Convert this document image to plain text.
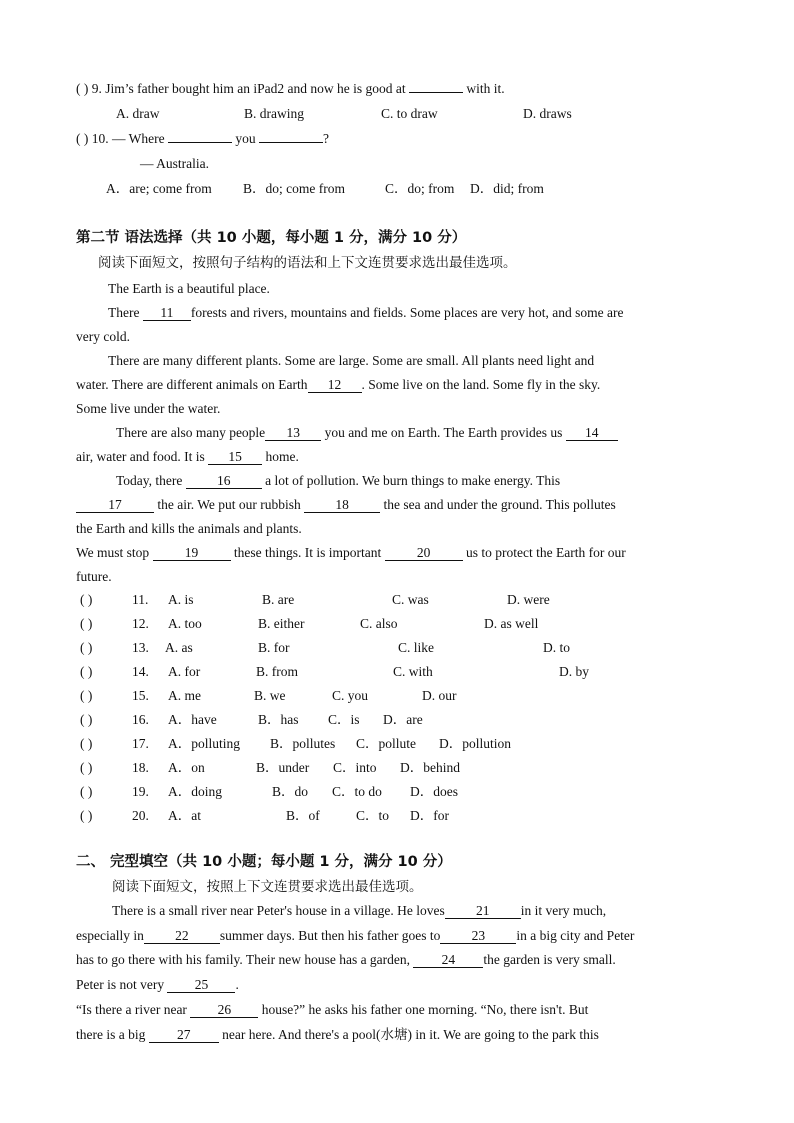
( ) 9. Jim’s father bought him an iPad2 and now he is good at	with it.
A. draw	B. drawing	C. to draw	D. draws
( ) 10. — Where	you	?
— Australia.
A．are; come from B．do; come from	C．do; from D．did; from
第二节 语法选择（共 10 小题，每小题 1 分，满分 10 分）
阅读下面短文，按照句子结构的语法和上下文连贯要求选出最佳选项。
The Earth is a beautiful place.
There 11 forests and rivers, mountains and fields. Some places are very hot, and some are
very cold.
There are many different plants. Some are large. Some are small. All plants need light and
water. There are different animals on Earth 12 . Some live on the land. Some fly in the sky.
Some live under the water.
There are also many people 13 you and me on Earth. The Earth provides us 14
air, water and food. It is 15 home.
Today, there	16	a lot of pollution. We burn things to make energy. This
17	the air. We put our rubbish	18	the sea and under the ground. This pollutes
the Earth and kills the animals and plants.
We must stop	19	these things. It is important	20	us to protect the Earth for our
future.
( )	11. A. is	B. are	C. was	D. were
( )	12. A. too	B. either	C. also	D. as well
( )	13. A. as	B. for	C. like	D. to
( )	14. A. for	B. from	C. with	D. by
( )	15. A. me	B. we	C. you	D. our
( )	16. A．have	B．has C．is D．are
( )	17. A．polluting B．pollutes C．pollute D．pollution
( )	18. A．on	B．under C．into D．behind
( )	19. A．doing	B．do C．to do D．does
( )	20. A．at	B．of	C．to D．for
二、 完型填空（共 10 小题；每小题 1 分，满分 10 分）
阅读下面短文，按照上下文连贯要求选出最佳选项。
There is a small river near Peter's house in a village. He loves 21 in it very much,
especially in 22 summer days. But then his father goes to 23 in a big city and Peter
has to go there with his family. Their new house has a garden, 24 the garden is very small.
Peter is not very 25 .
“Is there a river near 26 house?” he asks his father one morning. “No, there isn't. But
there is a big 27 near here. And there's a pool(水塘) in it. We are going to the park this
